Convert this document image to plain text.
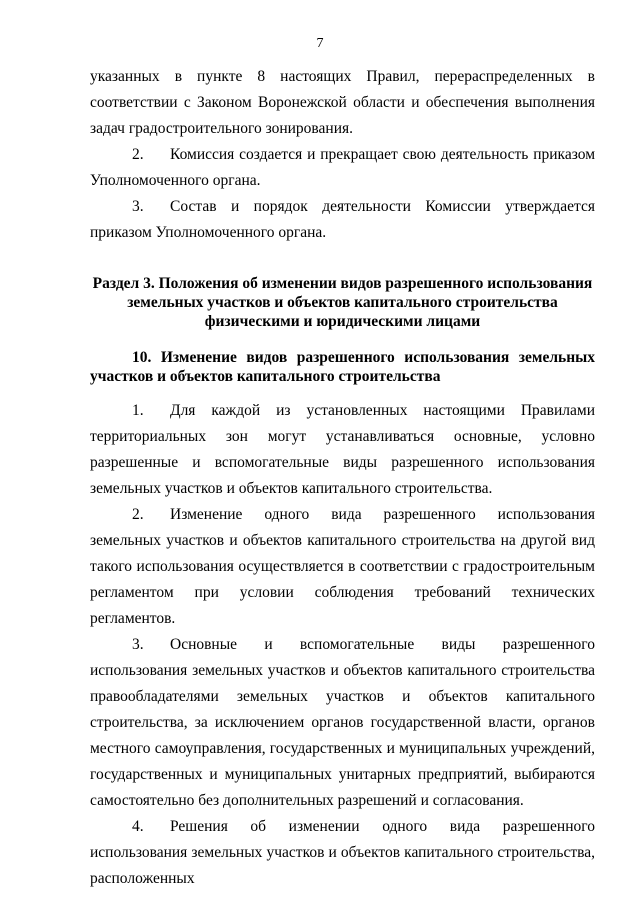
7

указанных в пункте 8 настоящих Правил, перераспределенных в соответствии с Законом Воронежской области и обеспечения выполнения задач градостроительного зонирования.

2. Комиссия создается и прекращает свою деятельность приказом Уполномоченного органа.

3. Состав и порядок деятельности Комиссии утверждается приказом Уполномоченного органа.

Раздел 3. Положения об изменении видов разрешенного использования земельных участков и объектов капитального строительства физическими и юридическими лицами
10. Изменение видов разрешенного использования земельных участков и объектов капитального строительства

1. Для каждой из установленных настоящими Правилами территориальных зон могут устанавливаться основные, условно разрешенные и вспомогательные виды разрешенного использования земельных участков и объектов капитального строительства.

2. Изменение одного вида разрешенного использования земельных участков и объектов капитального строительства на другой вид такого использования осуществляется в соответствии с градостроительным регламентом при условии соблюдения требований технических регламентов.

3. Основные и вспомогательные виды разрешенного использования земельных участков и объектов капитального строительства правообладателями земельных участков и объектов капитального строительства, за исключением органов государственной власти, органов местного самоуправления, государственных и муниципальных учреждений, государственных и муниципальных унитарных предприятий, выбираются самостоятельно без дополнительных разрешений и согласования.

4. Решения об изменении одного вида разрешенного использования земельных участков и объектов капитального строительства, расположенных
